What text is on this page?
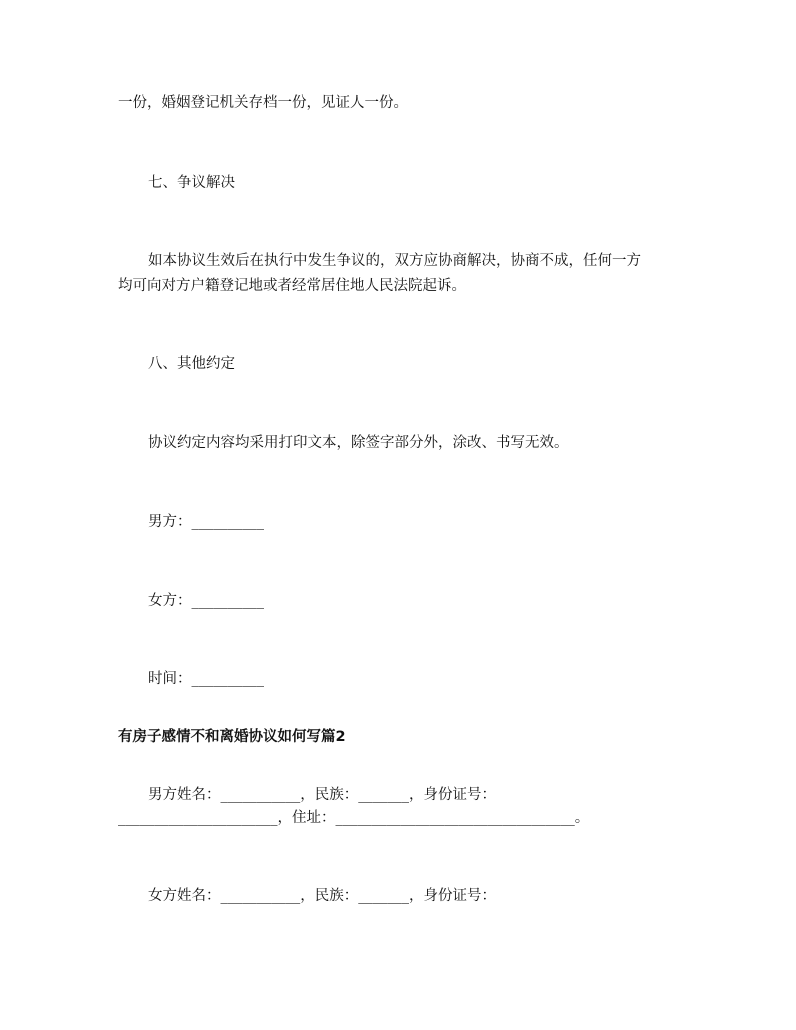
一份，婚姻登记机关存档一份，见证人一份。
七、争议解决
如本协议生效后在执行中发生争议的，双方应协商解决，协商不成，任何一方
均可向对方户籍登记地或者经常居住地人民法院起诉。
八、其他约定
协议约定内容均采用打印文本，除签字部分外，涂改、书写无效。
男方：__________
女方：__________
时间：__________
有房子感情不和离婚协议如何写篇2
男方姓名：___________，民族：_______，身份证号：
______________________，住址：_________________________________。
女方姓名：___________，民族：_______，身份证号：
